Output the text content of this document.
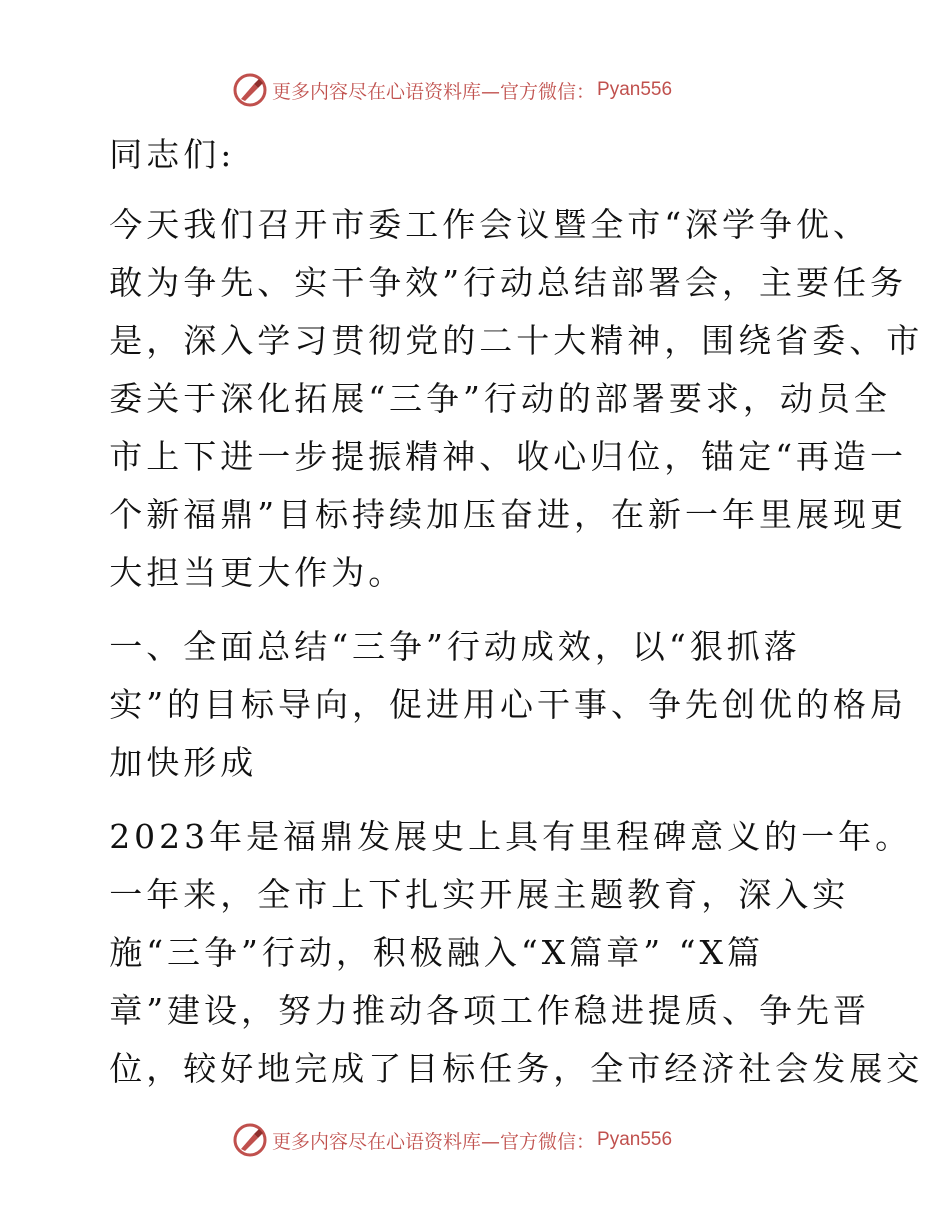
更多内容尽在心语资料库—官方微信： Pyan556

同志们:

今天我们召开市委工作会议暨全市“深学争优、
敢为争先、实干争效”行动总结部署会，主要任务
是，深入学习贯彻党的二十大精神，围绕省委、市
委关于深化拓展“三争”行动的部署要求，动员全
市上下进一步提振精神、收心归位，锚定“再造一
个新福鼎”目标持续加压奋进，在新一年里展现更
大担当更大作为。

一、全面总结“三争”行动成效，以“狠抓落
实”的目标导向，促进用心干事、争先创优的格局
加快形成

2023年是福鼎发展史上具有里程碑意义的一年。
一年来，全市上下扎实开展主题教育，深入实
施“三争”行动，积极融入“X篇章” “X篇
章”建设，努力推动各项工作稳进提质、争先晋
位，较好地完成了目标任务，全市经济社会发展交

更多内容尽在心语资料库—官方微信： Pyan556
